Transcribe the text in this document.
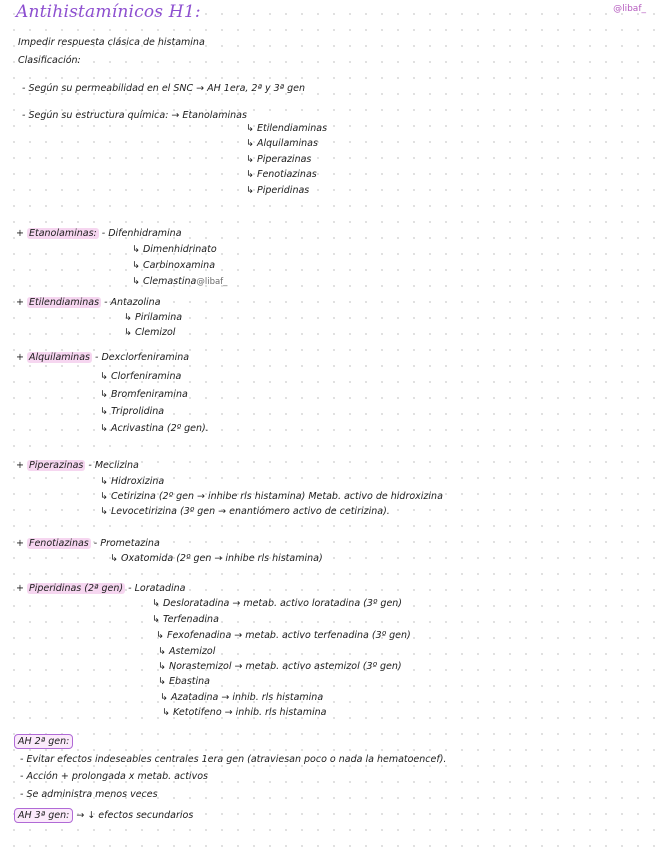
Antihistamínicos H1:	@libaf_
Impedir respuesta clásica de histamina
Clasificación:
- Según su permeabilidad en el SNC → AH 1era, 2ª y 3ª gen
- Según su estructura química: → Etanolaminas
↳ Etilendiaminas
↳ Alquilaminas
↳ Piperazinas
↳ Fenotiazinas
↳ Piperidinas
+ Etanolaminas: - Difenhidramina
↳ Dimenhidrinato
↳ Carbinoxamina
↳ Clemastina@libaf_
+ Etilendiaminas - Antazolina
↳ Pirilamina
↳ Clemizol
+ Alquilaminas - Dexclorfeniramina
↳ Clorfeniramina
↳ Bromfeniramina
↳ Triprolidina
↳ Acrivastina (2º gen).
+ Piperazinas - Meclizina
↳ Hidroxizina
↳ Cetirizina (2º gen → inhibe rls histamina) Metab. activo de hidroxizina
↳ Levocetirizina (3º gen → enantiómero activo de cetirizina).
+ Fenotiazinas - Prometazina
↳ Oxatomida (2º gen → inhibe rls histamina)
+ Piperidinas (2ª gen) - Loratadina
↳ Desloratadina → metab. activo loratadina (3º gen)
↳ Terfenadina
↳ Fexofenadina → metab. activo terfenadina (3º gen)
↳ Astemizol
↳ Norastemizol → metab. activo astemizol (3º gen)
↳ Ebastina
↳ Azatadina → inhib. rls histamina
↳ Ketotifeno → inhib. rls histamina
AH 2ª gen:
- Evitar efectos indeseables centrales 1era gen (atraviesan poco o nada la hematoencef).
- Acción + prolongada x metab. activos
- Se administra menos veces
AH 3ª gen: → ↓ efectos secundarios
